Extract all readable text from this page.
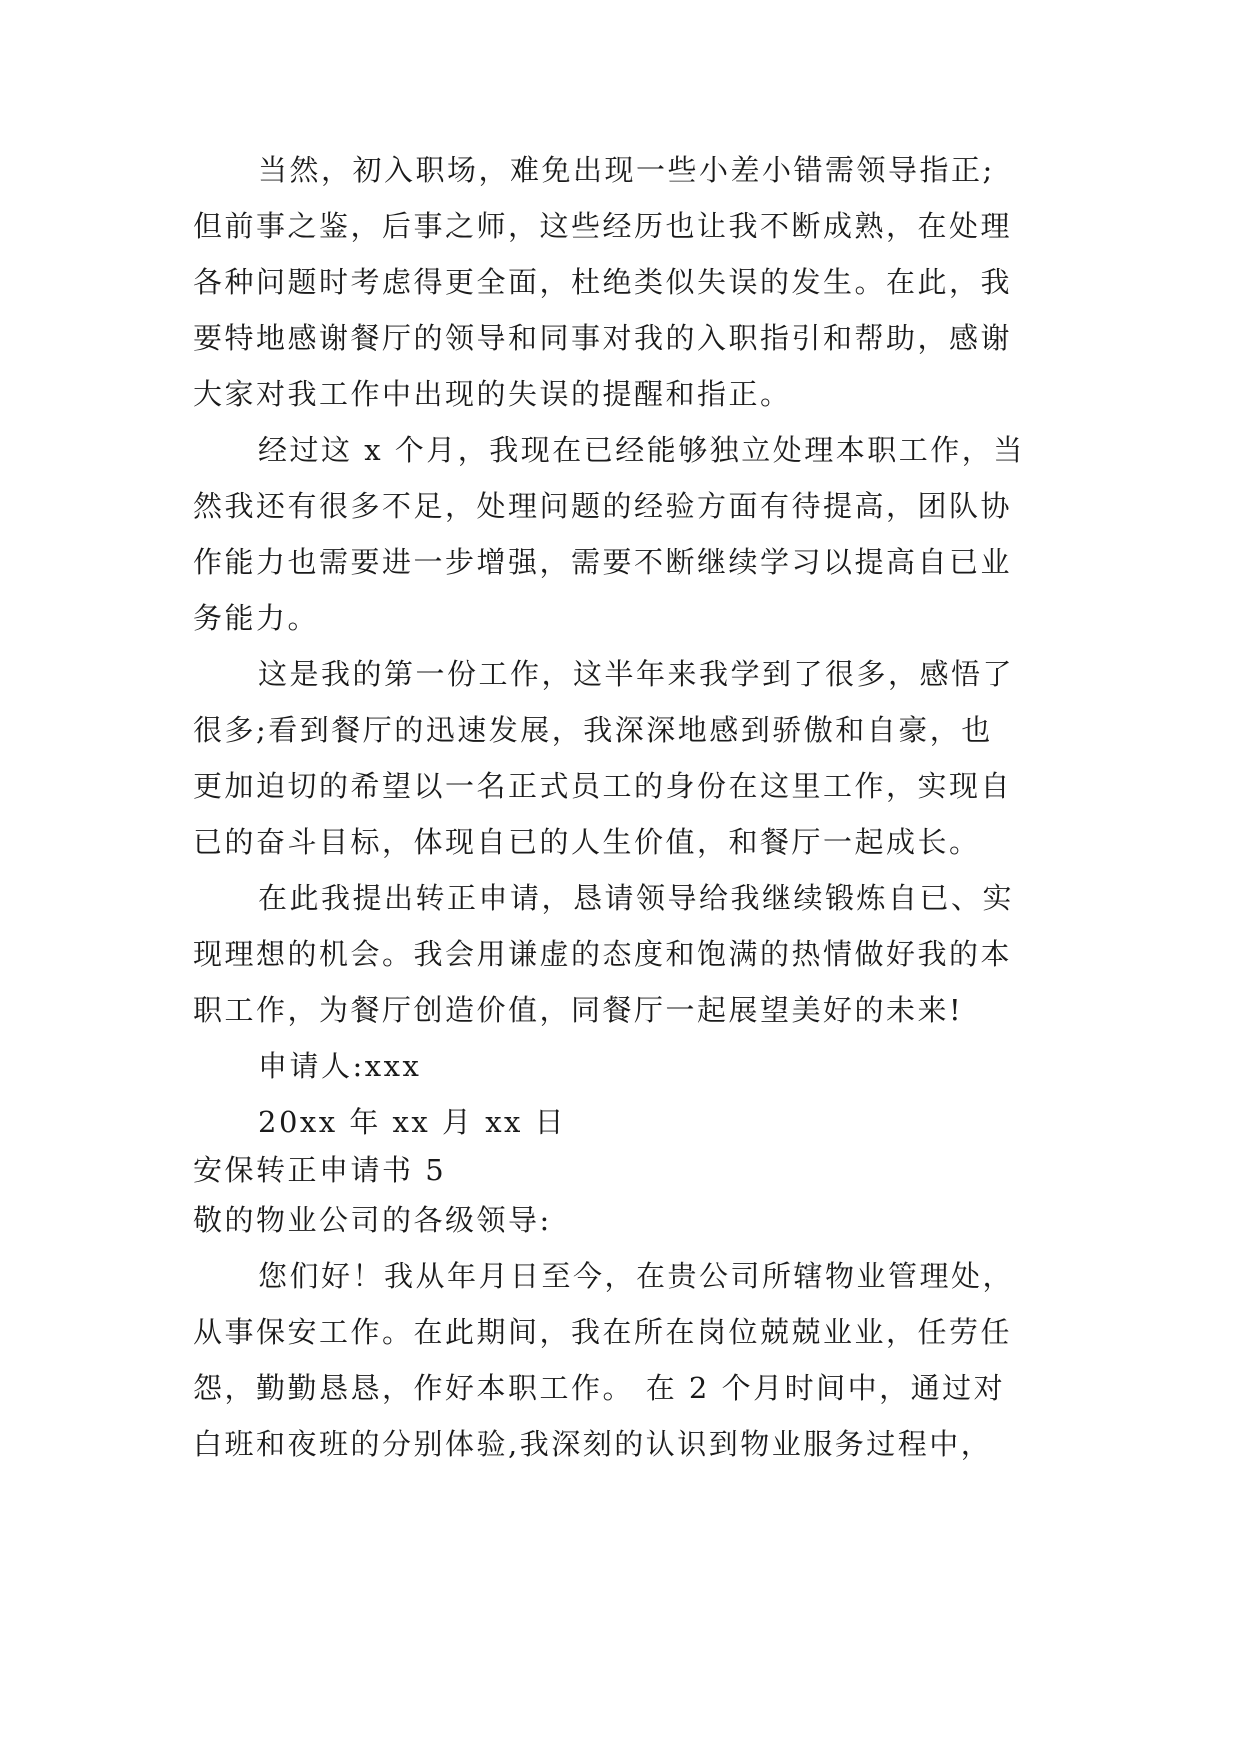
当然，初入职场，难免出现一些小差小错需领导指正;
但前事之鉴，后事之师，这些经历也让我不断成熟，在处理
各种问题时考虑得更全面，杜绝类似失误的发生。在此，我
要特地感谢餐厅的领导和同事对我的入职指引和帮助，感谢
大家对我工作中出现的失误的提醒和指正。
经过这 x 个月，我现在已经能够独立处理本职工作，当
然我还有很多不足，处理问题的经验方面有待提高，团队协
作能力也需要进一步增强，需要不断继续学习以提高自已业
务能力。
这是我的第一份工作，这半年来我学到了很多，感悟了
很多;看到餐厅的迅速发展，我深深地感到骄傲和自豪，也
更加迫切的希望以一名正式员工的身份在这里工作，实现自
已的奋斗目标，体现自已的人生价值，和餐厅一起成长。
在此我提出转正申请，恳请领导给我继续锻炼自已、实
现理想的机会。我会用谦虚的态度和饱满的热情做好我的本
职工作，为餐厅创造价值，同餐厅一起展望美好的未来!
申请人:xxx
20xx 年 xx 月 xx 日
安保转正申请书 5
敬的物业公司的各级领导:
您们好！我从年月日至今，在贵公司所辖物业管理处，
从事保安工作。在此期间，我在所在岗位兢兢业业，任劳任
怨，勤勤恳恳，作好本职工作。 在 2 个月时间中，通过对
白班和夜班的分别体验,我深刻的认识到物业服务过程中，
